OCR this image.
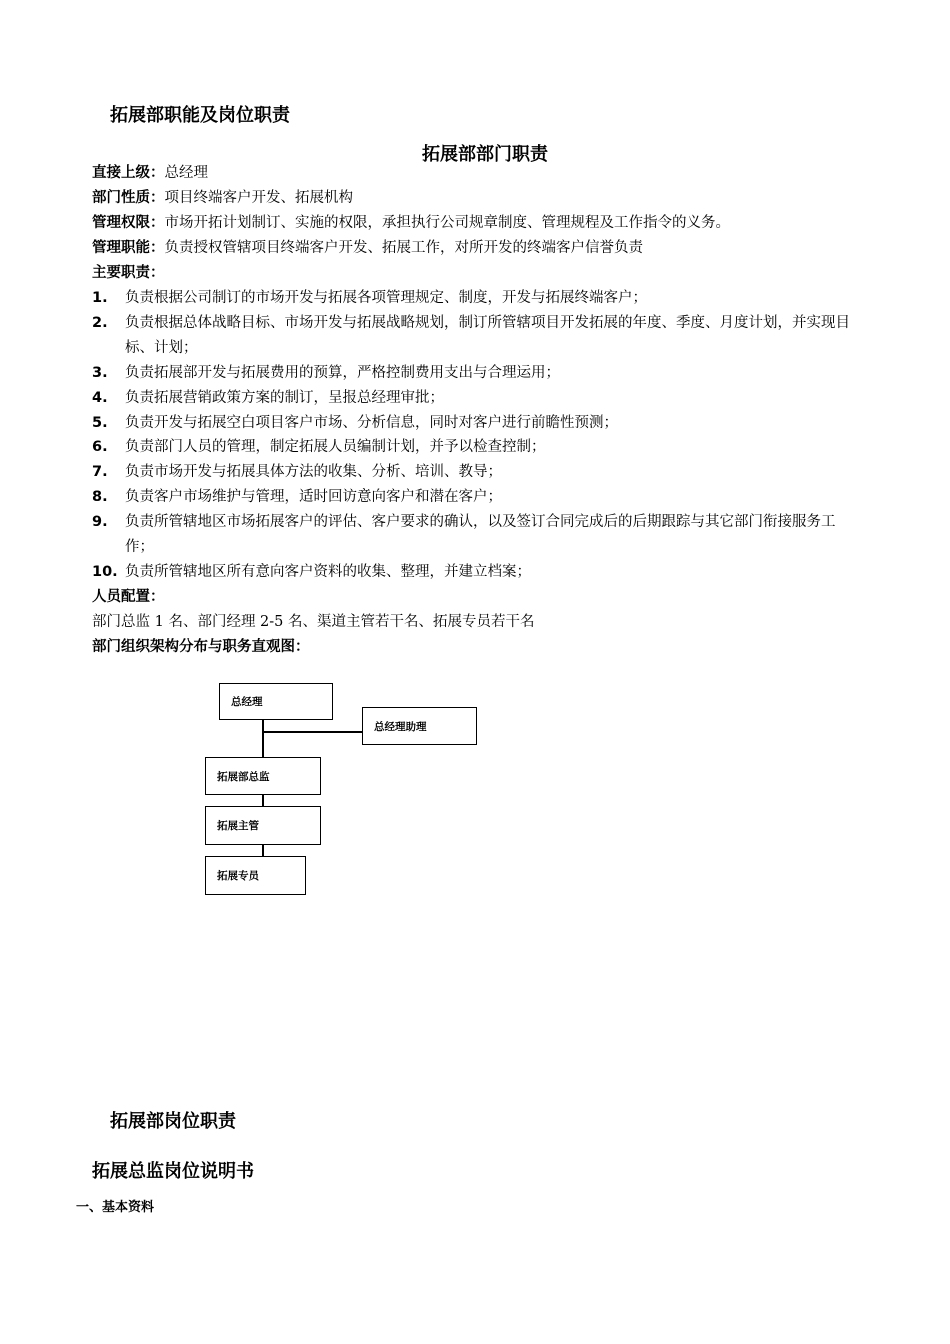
拓展部职能及岗位职责
拓展部部门职责
直接上级：总经理
部门性质：项目终端客户开发、拓展机构
管理权限：市场开拓计划制订、实施的权限，承担执行公司规章制度、管理规程及工作指令的义务。
管理职能：负责授权管辖项目终端客户开发、拓展工作，对所开发的终端客户信誉负责
主要职责：
1. 负责根据公司制订的市场开发与拓展各项管理规定、制度，开发与拓展终端客户；
2. 负责根据总体战略目标、市场开发与拓展战略规划，制订所管辖项目开发拓展的年度、季度、月度计划，并实现目标、计划；
3. 负责拓展部开发与拓展费用的预算，严格控制费用支出与合理运用；
4. 负责拓展营销政策方案的制订，呈报总经理审批；
5. 负责开发与拓展空白项目客户市场、分析信息，同时对客户进行前瞻性预测；
6. 负责部门人员的管理，制定拓展人员编制计划，并予以检查控制；
7. 负责市场开发与拓展具体方法的收集、分析、培训、教导；
8. 负责客户市场维护与管理，适时回访意向客户和潜在客户；
9. 负责所管辖地区市场拓展客户的评估、客户要求的确认，以及签订合同完成后的后期跟踪与其它部门衔接服务工作；
10. 负责所管辖地区所有意向客户资料的收集、整理，并建立档案；
人员配置：
部门总监 1 名、部门经理 2-5 名、渠道主管若干名、拓展专员若干名
部门组织架构分布与职务直观图：
总经理
总经理助理
拓展部总监
拓展主管
拓展专员
拓展部岗位职责
拓展总监岗位说明书
一、基本资料
